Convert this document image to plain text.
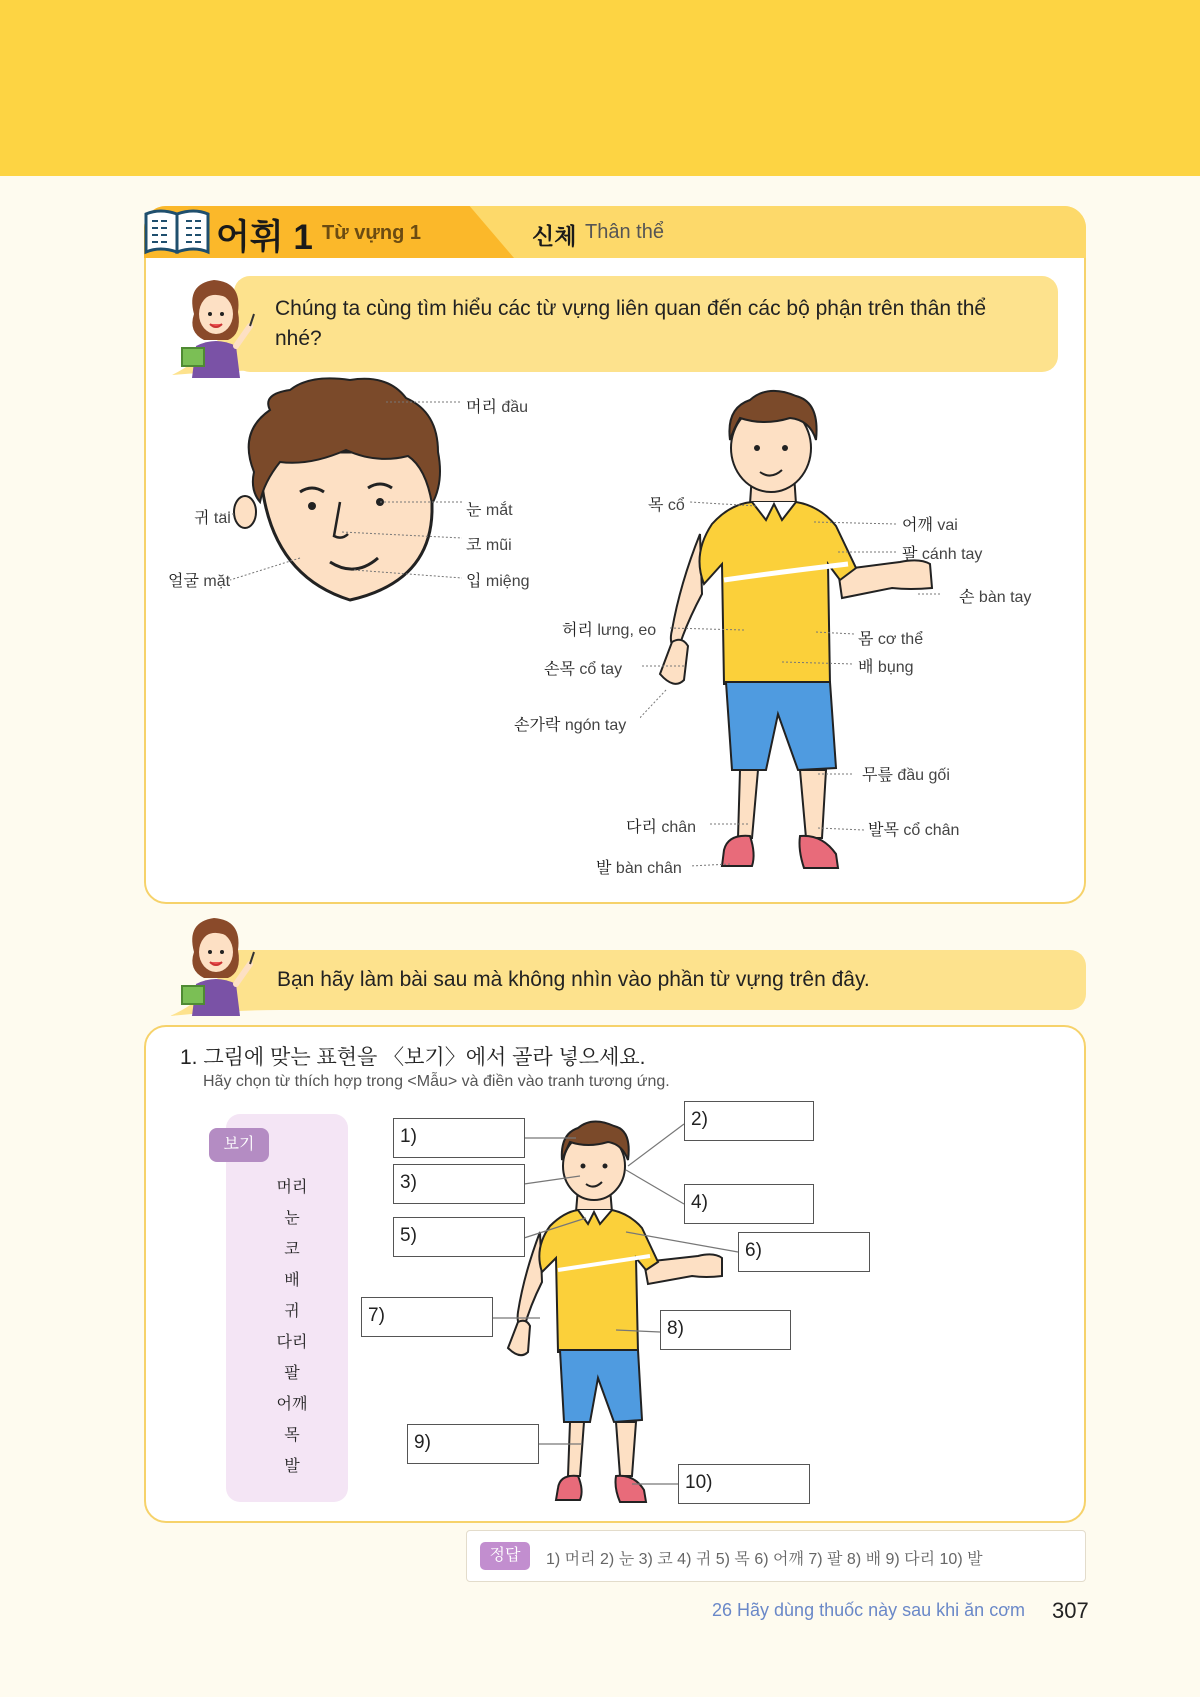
어휘 1 Từ vựng 1	신체 Thân thể
Chúng ta cùng tìm hiểu các từ vựng liên quan đến các bộ phận trên thân thể nhé?
머리 đầu
귀 tai	눈 mắt
코 mũi
얼굴 mặt	입 miệng
목 cổ
어깨 vai
팔 cánh tay
손 bàn tay
허리 lưng, eo
몸 cơ thể
손목 cổ tay	배 bụng
손가락 ngón tay
무릎 đầu gối
다리 chân	발목 cổ chân
발 bàn chân
Bạn hãy làm bài sau mà không nhìn vào phần từ vựng trên đây.
1. 그림에 맞는 표현을 〈보기〉에서 골라 넣으세요.
Hãy chọn từ thích hợp trong <Mẫu> và điền vào tranh tương ứng.
보기
머리
눈
코
배
귀
다리
팔
어깨
목
발
1)
2)
3)
4)
5)
6)
7)
8)
9)
10)
정답	1) 머리 2) 눈 3) 코 4) 귀 5) 목 6) 어깨 7) 팔 8) 배 9) 다리 10) 발
26 Hãy dùng thuốc này sau khi ăn cơm 307
